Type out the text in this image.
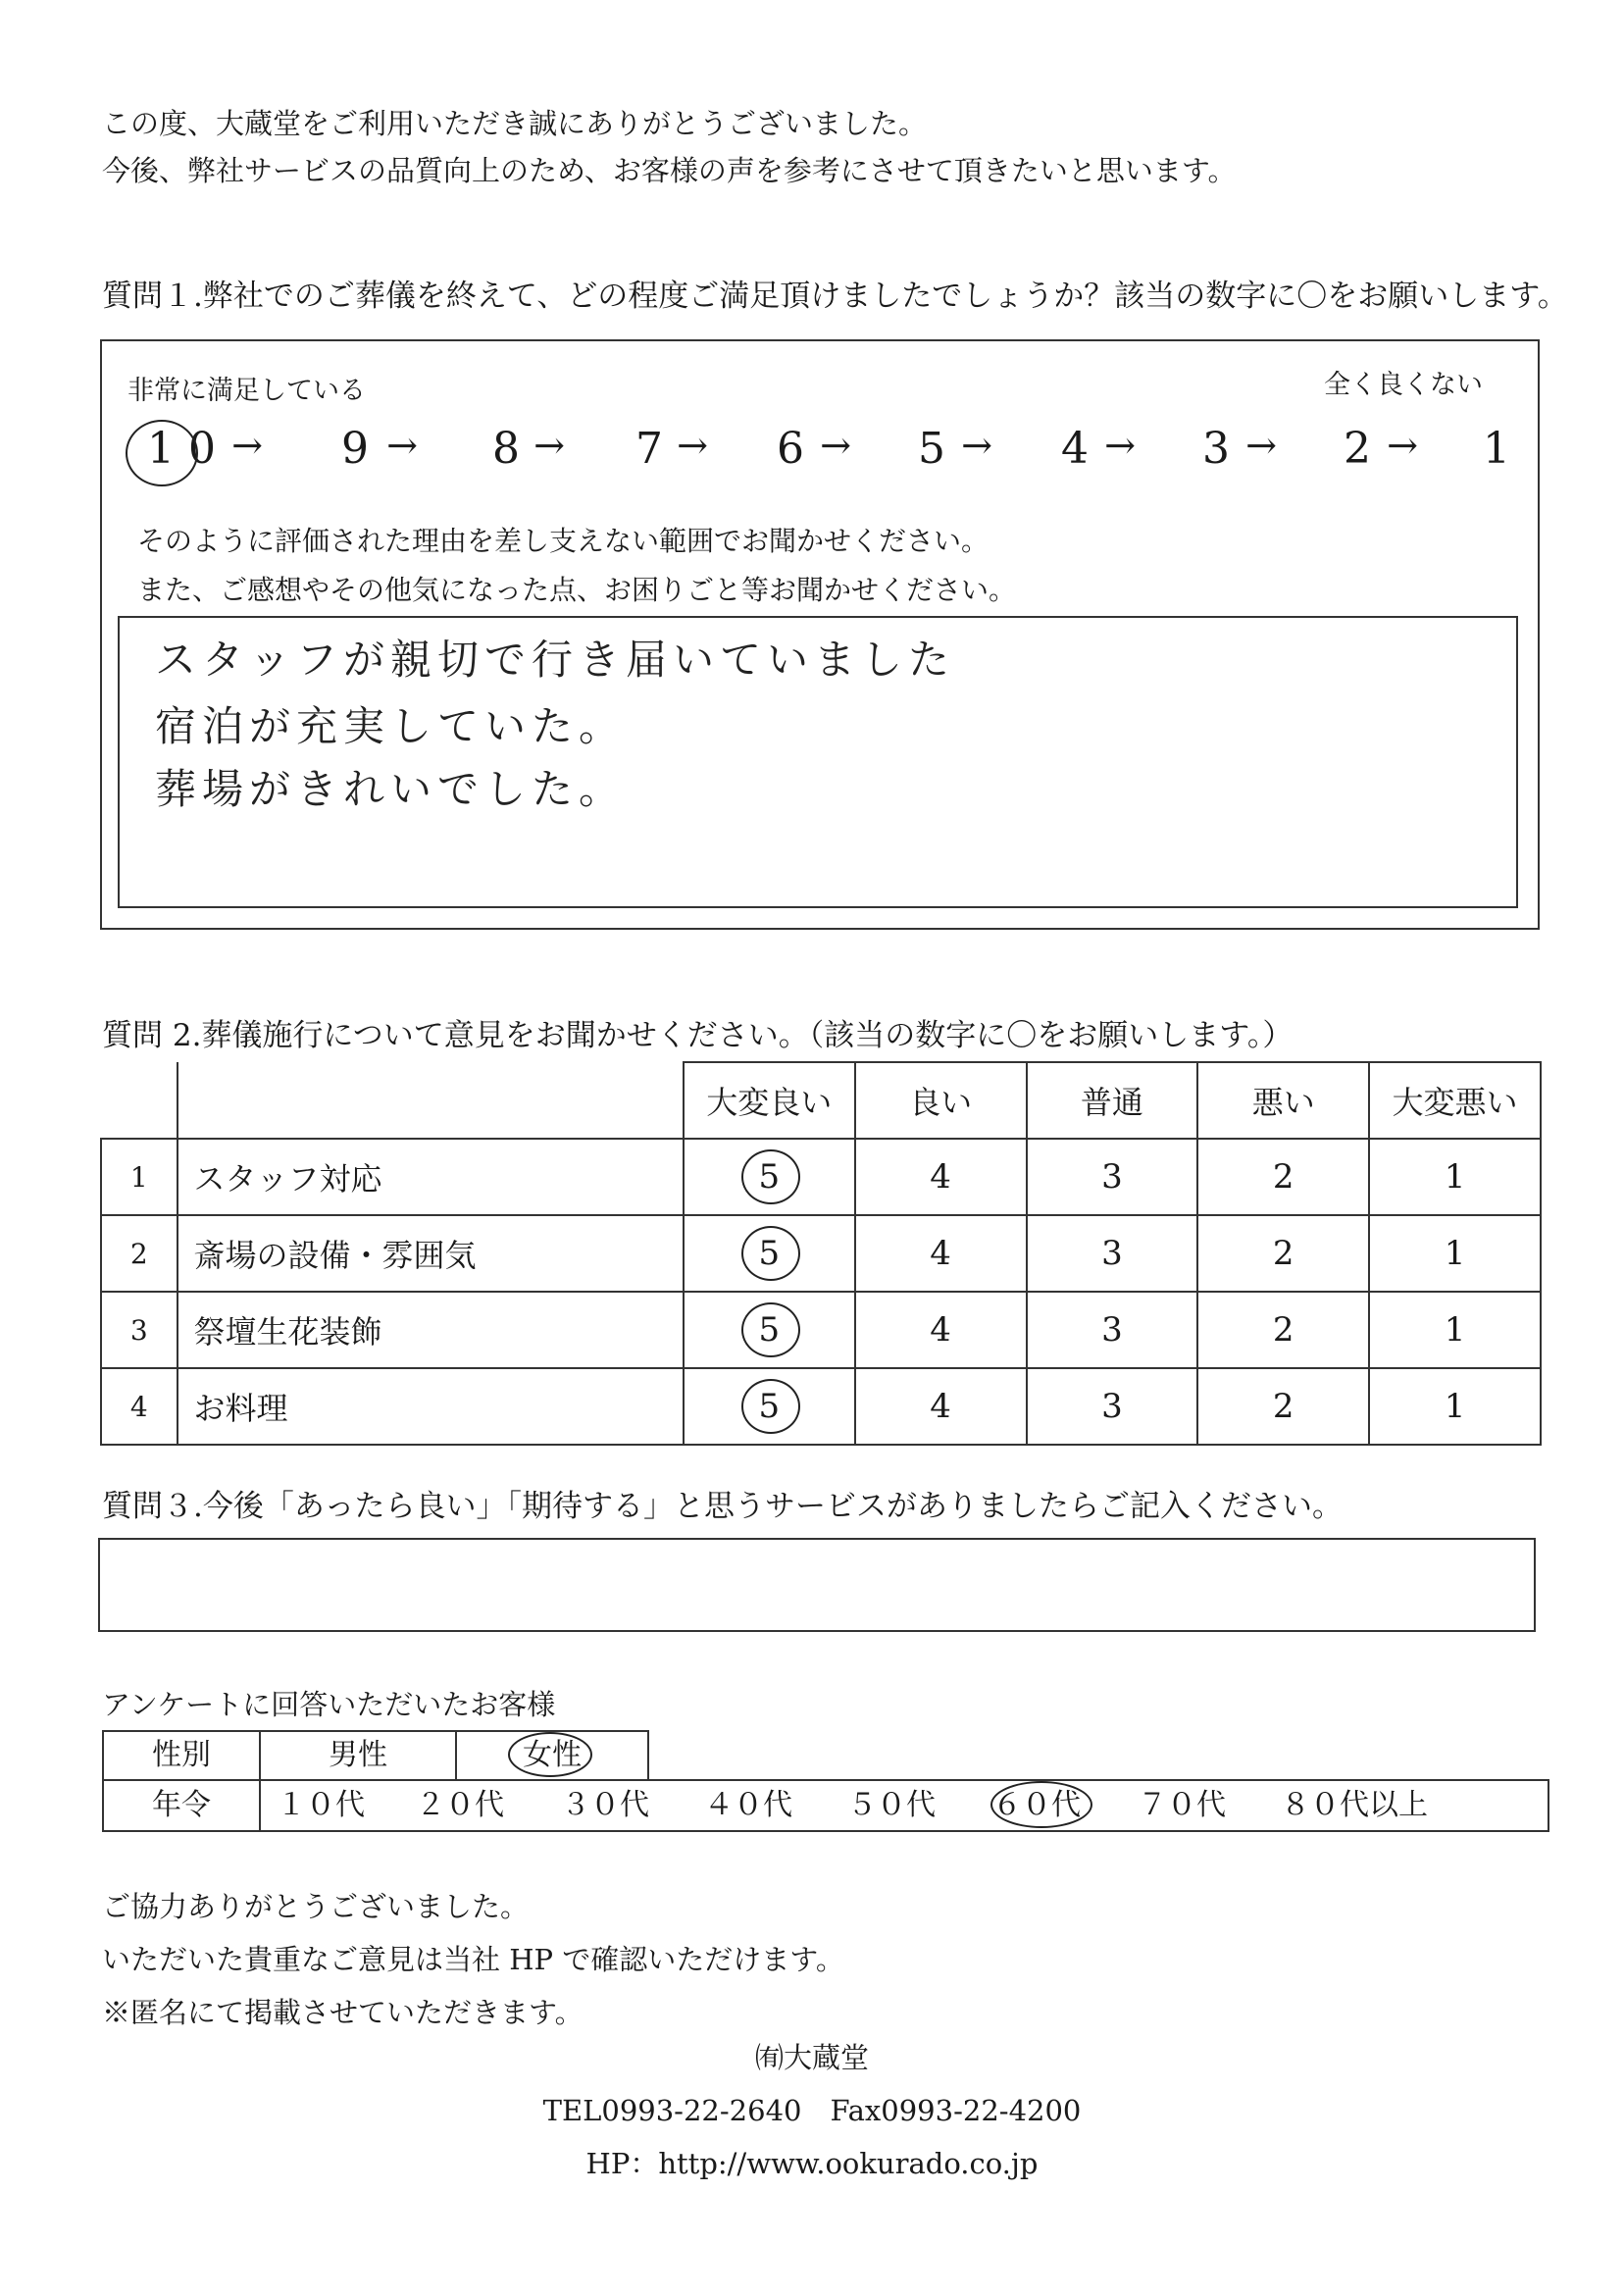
この度、大蔵堂をご利用いただき誠にありがとうございました。
今後、弊社サービスの品質向上のため、お客様の声を参考にさせて頂きたいと思います。
質問１.弊社でのご葬儀を終えて、どの程度ご満足頂けましたでしょうか？該当の数字に〇をお願いします。
非常に満足している	全く良くない
1 0 →	9 →	8 →	7 →	6 →	5 →	4 →	3 →	2 →	1
そのように評価された理由を差し支えない範囲でお聞かせください。
また、ご感想やその他気になった点、お困りごと等お聞かせください。
スタッフが親切で行き届いていました
宿泊が充実していた。
葬場がきれいでした。
質問 2.葬儀施行について意見をお聞かせください。（該当の数字に〇をお願いします。）
		大変良い	良い	普通	悪い	大変悪い
1	スタッフ対応	5	4	3	2	1
2	斎場の設備・雰囲気	5	4	3	2	1
3	祭壇生花装飾	5	4	3	2	1
4	お料理	5	4	3	2	1
質問３.今後「あったら良い」「期待する」と思うサービスがありましたらご記入ください。
アンケートに回答いただいたお客様
性別	男性	女性
年令	１０代 ２０代 ３０代 ４０代 ５０代 ６０代 ７０代 ８０代以上
ご協力ありがとうございました。
いただいた貴重なご意見は当社 HP で確認いただけます。
※匿名にて掲載させていただきます。
㈲大蔵堂
TEL0993-22-2640　Fax0993-22-4200
HP：http://www.ookurado.co.jp
